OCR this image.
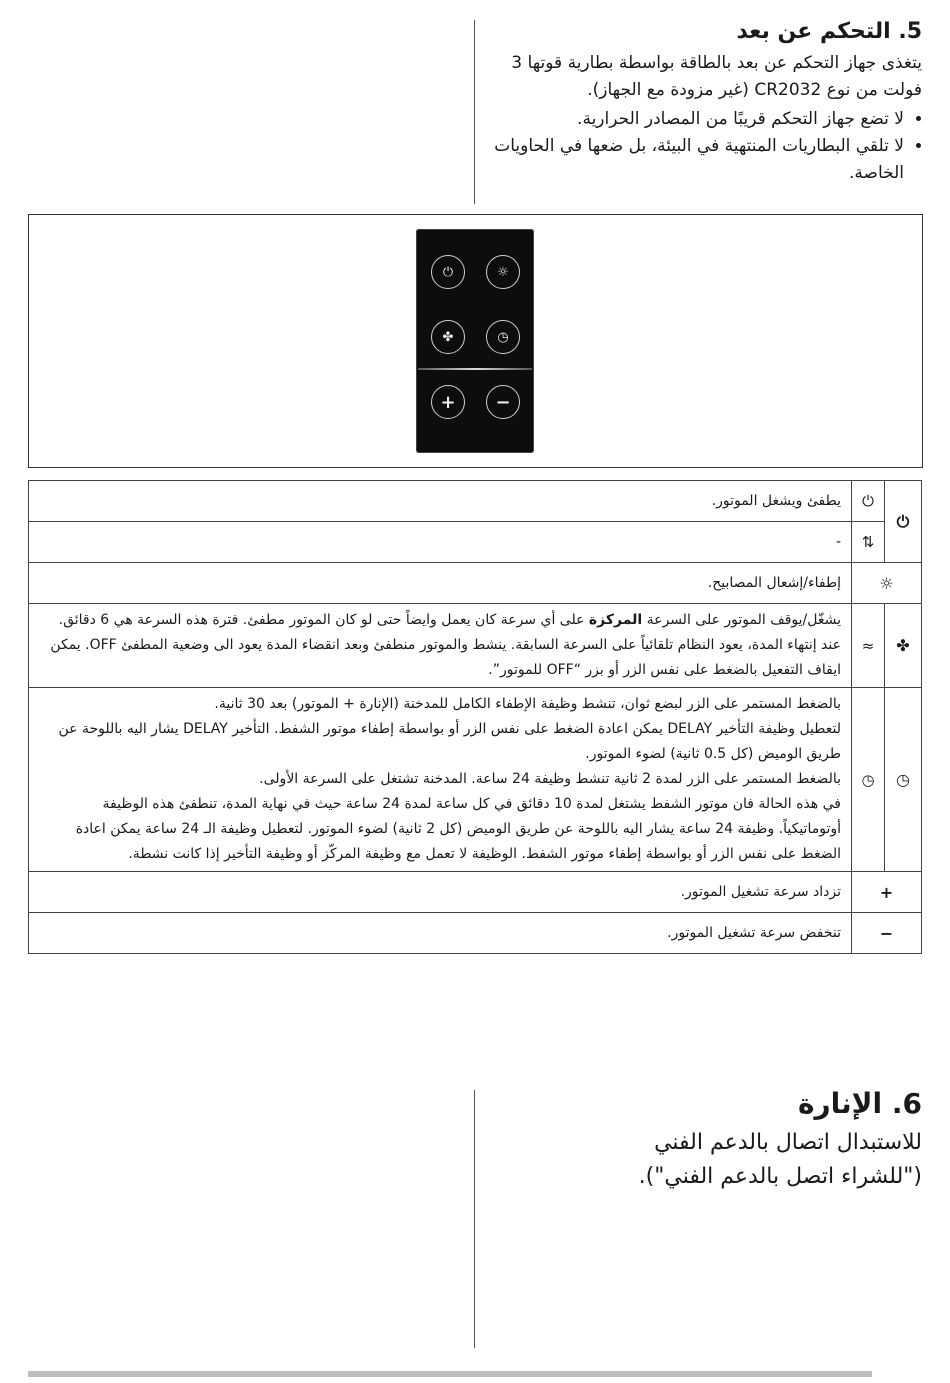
5. التحكم عن بعد

يتغذى جهاز التحكم عن بعد بالطاقة بواسطة بطارية قوتها 3 فولت من نوع CR2032 (غير مزودة مع الجهاز).

• لا تضع جهاز التحكم قريبًا من المصادر الحرارية.
• لا تلقي البطاريات المنتهية في البيئة، بل ضعها في الحاويات الخاصة.
⏻	☼
✤	◷
+	−
⏻	⏻	يطفئ ويشغل الموتور.
	⇅	-
☼		إطفاء/إشعال المصابيح.
✤	≈	يشغّل/يوقف الموتور على السرعة المركزة على أي سرعة كان يعمل وايضاً حتى لو كان الموتور مطفئ. فترة هذه السرعة هي 6 دقائق. عند إنتهاء المدة، يعود النظام تلقائياً على السرعة السابقة. ينشط والموتور منطفئ وبعد انقضاء المدة يعود الى وضعية المطفئ OFF. يمكن ايقاف التفعيل بالضغط على نفس الزر أو بزر “OFF للموتور”.
◷	◷	بالضغط المستمر على الزر لبضع ثوان، تنشط وظيفة الإطفاء الكامل للمدخنة (الإنارة + الموتور) بعد 30 ثانية.

لتعطيل وظيفة التأخير DELAY يمكن اعادة الضغط على نفس الزر أو بواسطة إطفاء موتور الشفط. التأخير DELAY يشار اليه باللوحة عن طريق الوميض (كل 0.5 ثانية) لضوء الموتور.

بالضغط المستمر على الزر لمدة 2 ثانية تنشط وظيفة 24 ساعة. المدخنة تشتغل على السرعة الأولى.

في هذه الحالة فان موتور الشفط يشتغل لمدة 10 دقائق في كل ساعة لمدة 24 ساعة حيث في نهاية المدة، تنطفئ هذه الوظيفة أوتوماتيكياً. وظيفة 24 ساعة يشار اليه باللوحة عن طريق الوميض (كل 2 ثانية) لضوء الموتور. لتعطيل وظيفة الـ 24 ساعة يمكن اعادة الضغط على نفس الزر أو بواسطة إطفاء موتور الشفط. الوظيفة لا تعمل مع وظيفة المركّز أو وظيفة التأخير إذا كانت نشطة.

+		تزداد سرعة تشغيل الموتور.
−		تنخفض سرعة تشغيل الموتور.
6. الإنارة

للاستبدال اتصال بالدعم الفني

("للشراء اتصل بالدعم الفني").
